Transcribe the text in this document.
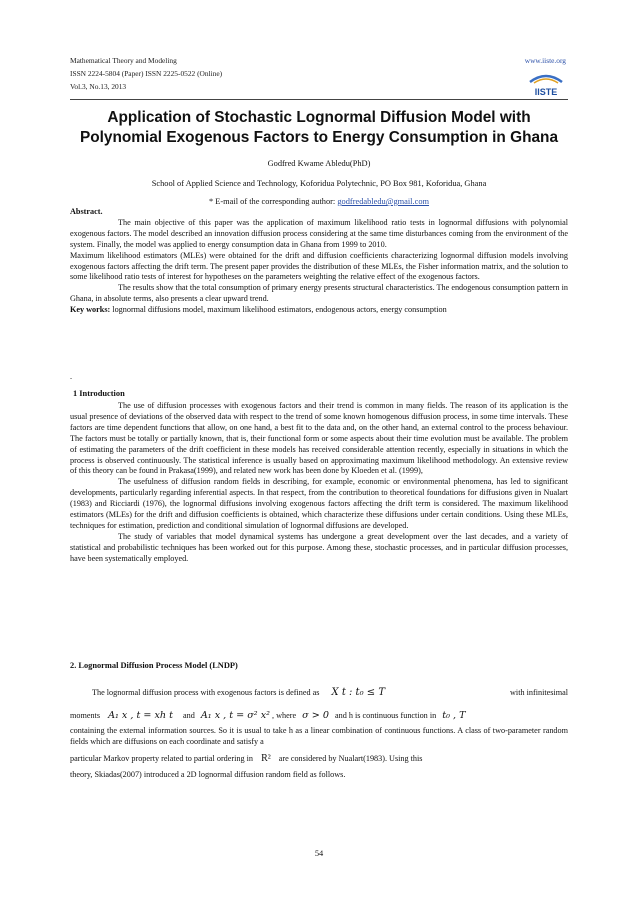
Mathematical Theory and Modeling
ISSN 2224-5804 (Paper) ISSN 2225-0522 (Online)
Vol.3, No.13, 2013
www.iiste.org
IISTE
Application of Stochastic Lognormal Diffusion Model with
Polynomial Exogenous Factors to Energy Consumption in Ghana
Godfred Kwame Abledu(PhD)
School of Applied Science and Technology, Koforidua Polytechnic, PO Box 981, Koforidua, Ghana
* E-mail of the corresponding author: godfredabledu@gmail.com

Abstract.

The main objective of this paper was the application of maximum likelihood ratio tests in lognormal diffusions with polynomial exogenous factors. The model described an innovation diffusion process considering at the same time disturbances coming from the environment of the system. Finally, the model was applied to energy consumption data in Ghana from 1999 to 2010.

Maximum likelihood estimators (MLEs) were obtained for the drift and diffusion coefficients characterizing lognormal diffusion models involving exogenous factors affecting the drift term. The present paper provides the distribution of these MLEs, the Fisher information matrix, and the solution to some likelihood ratio tests of interest for hypotheses on the parameters weighting the relative effect of the exogenous factors.

The results show that the total consumption of primary energy presents structural characteristics. The endogenous consumption pattern in Ghana, in absolute terms, also presents a clear upward trend.

Key works: lognormal diffusions model, maximum likelihood estimators, endogenous actors, energy consumption

.
1 Introduction

The use of diffusion processes with exogenous factors and their trend is common in many fields. The reason of its application is the usual presence of deviations of the observed data with respect to the trend of some known homogenous diffusion process, in some time intervals. These factors are time dependent functions that allow, on one hand, a best fit to the data and, on the other hand, an external control to the process behaviour. The factors must be totally or partially known, that is, their functional form or some aspects about their time evolution must be available. The problem of estimating the parameters of the drift coefficient in these models has received considerable attention recently, especially in situations in which the process is observed continuously. The statistical inference is usually based on approximating maximum likelihood methodology. An extensive review of this theory can be found in Prakasa(1999), and related new work has been done by Kloeden et al. (1999),

The usefulness of diffusion random fields in describing, for example, economic or environmental phenomena, has led to significant developments, particularly regarding inferential aspects. In that respect, from the contribution to theoretical foundations for diffusions given in Nualart (1983) and Ricciardi (1976), the lognormal diffusions involving exogenous factors affecting the drift term is considered. The maximum likelihood estimators (MLEs) for the drift and diffusion coefficients is obtained, which characterize these diffusions under certain conditions. Using these MLEs, techniques for estimation, prediction and conditional simulation of lognormal diffusions are developed.

The study of variables that model dynamical systems has undergone a great development over the last decades, and a variety of statistical and probabilistic techniques has been worked out for this purpose. Among these, stochastic processes, and in particular diffusion processes, have been systematically employed.

2. Lognormal Diffusion Process Model (LNDP)
The lognormal diffusion process with exogenous factors is defined as X t : t₀ ≤ T	with infinitesimal
moments A₁ x , t = xh t and A₁ x , t = σ² x² , where σ > 0 and h is continuous function in t₀ , T

containing the external information sources. So it is usual to take h as a linear combination of continuous functions. A class of two-parameter random fields which are diffusions on each coordinate and satisfy a

particular Markov property related to partial ordering in R² are considered by Nualart(1983). Using this
theory, Skiadas(2007) introduced a 2D lognormal diffusion random field as follows.
54
